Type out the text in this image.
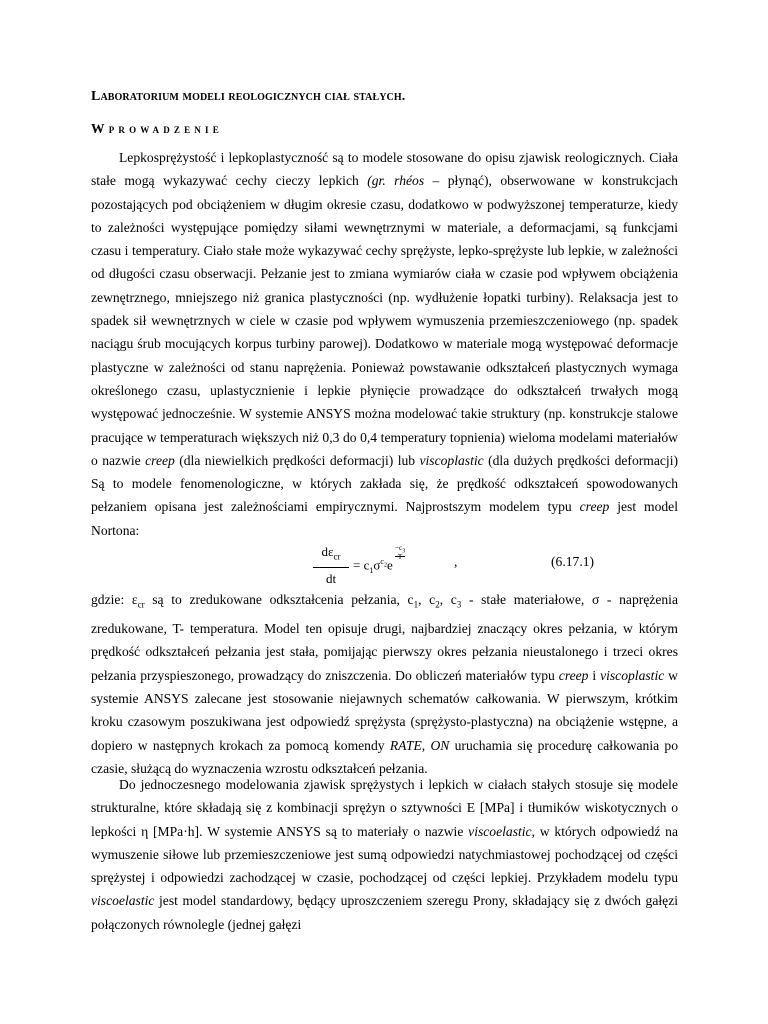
Laboratorium modeli reologicznych ciał stałych.
Wprowadzenie

Lepkosprężystość i lepkoplastyczność są to modele stosowane do opisu zjawisk reologicznych. Ciała stałe mogą wykazywać cechy cieczy lepkich (gr. rhéos – płynąć), obserwowane w konstrukcjach pozostających pod obciążeniem w długim okresie czasu, dodatkowo w podwyższonej temperaturze, kiedy to zależności występujące pomiędzy siłami wewnętrznymi w materiale, a deformacjami, są funkcjami czasu i temperatury. Ciało stałe może wykazywać cechy sprężyste, lepko-sprężyste lub lepkie, w zależności od długości czasu obserwacji. Pełzanie jest to zmiana wymiarów ciała w czasie pod wpływem obciążenia zewnętrznego, mniejszego niż granica plastyczności (np. wydłużenie łopatki turbiny). Relaksacja jest to spadek sił wewnętrznych w ciele w czasie pod wpływem wymuszenia przemieszczeniowego (np. spadek naciągu śrub mocujących korpus turbiny parowej). Dodatkowo w materiale mogą występować deformacje plastyczne w zależności od stanu naprężenia. Ponieważ powstawanie odkształceń plastycznych wymaga określonego czasu, uplastycznienie i lepkie płynięcie prowadzące do odkształceń trwałych mogą występować jednocześnie. W systemie ANSYS można modelować takie struktury (np. konstrukcje stalowe pracujące w temperaturach większych niż 0,3 do 0,4 temperatury topnienia) wieloma modelami materiałów o nazwie creep (dla niewielkich prędkości deformacji) lub viscoplastic (dla dużych prędkości deformacji) Są to modele fenomenologiczne, w których zakłada się, że prędkość odkształceń spowodowanych pełzaniem opisana jest zależnościami empirycznymi. Najprostszym modelem typu creep jest model Nortona:

$d\varepsilon_{cr}$
dt
= $c_1\sigma^{c_2}e$
$-c_3$
T	,	(6.17.1)

gdzie: $\varepsilon_{cr}$ są to zredukowane odkształcenia pełzania, $c_1$, $c_2$, $c_3$ - stałe materiałowe, σ - naprężenia zredukowane, T- temperatura. Model ten opisuje drugi, najbardziej znaczący okres pełzania, w którym prędkość odkształceń pełzania jest stała, pomijając pierwszy okres pełzania nieustalonego i trzeci okres pełzania przyspieszonego, prowadzący do zniszczenia. Do obliczeń materiałów typu creep i viscoplastic w systemie ANSYS zalecane jest stosowanie niejawnych schematów całkowania. W pierwszym, krótkim kroku czasowym poszukiwana jest odpowiedź sprężysta (sprężysto-plastyczna) na obciążenie wstępne, a dopiero w następnych krokach za pomocą komendy RATE, ON uruchamia się procedurę całkowania po czasie, służącą do wyznaczenia wzrostu odkształceń pełzania.

Do jednoczesnego modelowania zjawisk sprężystych i lepkich w ciałach stałych stosuje się modele strukturalne, które składają się z kombinacji sprężyn o sztywności E [MPa] i tłumików wiskotycznych o lepkości η [MPa·h]. W systemie ANSYS są to materiały o nazwie viscoelastic, w których odpowiedź na wymuszenie siłowe lub przemieszczeniowe jest sumą odpowiedzi natychmiastowej pochodzącej od części sprężystej i odpowiedzi zachodzącej w czasie, pochodzącej od części lepkiej. Przykładem modelu typu viscoelastic jest model standardowy, będący uproszczeniem szeregu Prony, składający się z dwóch gałęzi połączonych równolegle (jednej gałęzi
